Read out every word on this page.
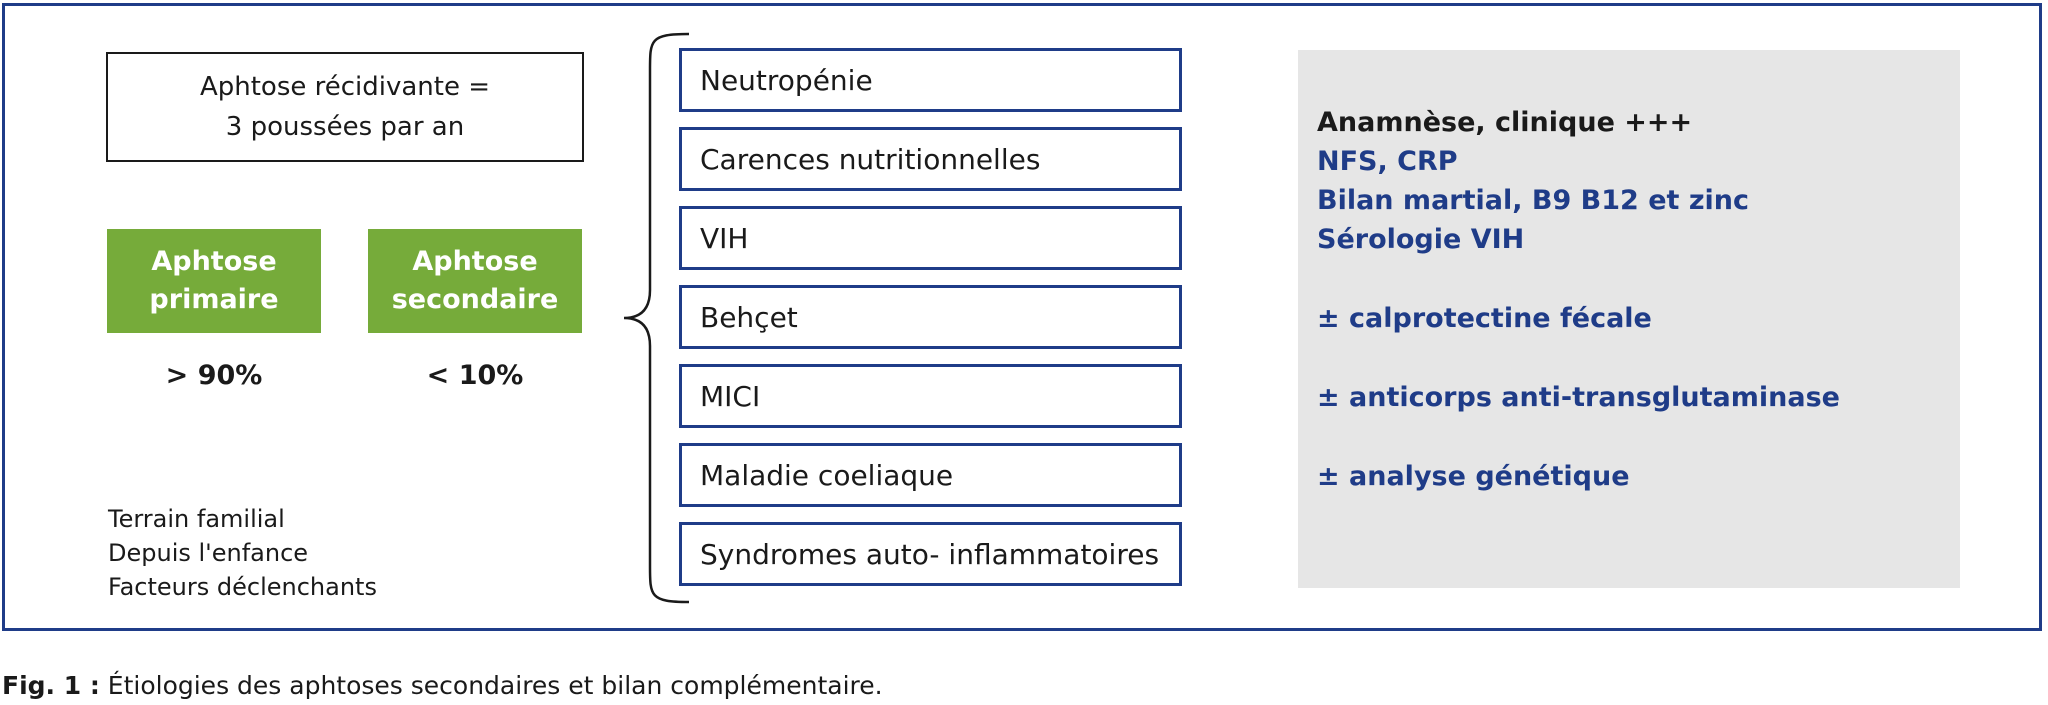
Aphtose récidivante =
3 poussées par an
Aphtose
primaire
Aphtose
secondaire
> 90%	< 10%
Terrain familial
Depuis l'enfance
Facteurs déclenchants
Neutropénie
Carences nutritionnelles
VIH
Behçet
MICI
Maladie coeliaque
Syndromes auto- inflammatoires
Anamnèse, clinique +++
NFS, CRP
Bilan martial, B9 B12 et zinc
Sérologie VIH
± calprotectine fécale
± anticorps anti-transglutaminase
± analyse génétique
Fig. 1 : Étiologies des aphtoses secondaires et bilan complémentaire.
